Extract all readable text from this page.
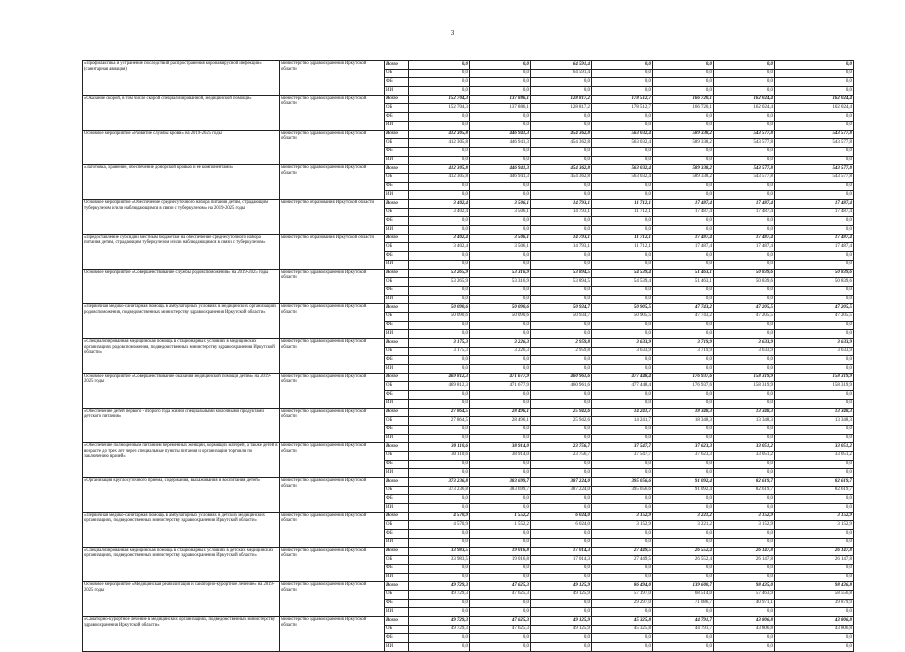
3
«Профилактика и устранение последствий распространения коронавирусной инфекции» (санитарная авиация)	министерство здравоохранения Иркутской области	Всего	0,0	0,0	64 591,4	0,0	0,0	0,0	0,0
		ОБ	0,0	0,0	64 591,4	0,0	0,0	0,0	0,0
		ФБ	0,0	0,0	0,0	0,0	0,0	0,0	0,0
		ИИ	0,0	0,0	0,0	0,0	0,0	0,0	0,0
«Оказание скорой, в том числе скорой специализированной, медицинской помощи»	министерство здравоохранения Иркутской области	Всего	152 704,3	137 886,1	128 817,2	178 512,7	166 720,1	162 024,4	162 024,4
		ОБ	152 704,3	137 886,1	128 817,2	178 512,7	166 720,1	162 024,4	162 024,4
		ФБ	0,0	0,0	0,0	0,0	0,0	0,0	0,0
		ИИ	0,0	0,0	0,0	0,0	0,0	0,0	0,0
Основное мероприятие «Развитие службы крови» на 2019-2025 годы	министерство здравоохранения Иркутской области	Всего	412 305,8	446 941,3	454 362,8	563 032,4	589 338,2	543 577,8	543 577,8
		ОБ	412 305,8	446 941,3	454 362,8	563 032,4	589 338,2	543 577,8	543 577,8
		ФБ	0,0	0,0	0,0	0,0	0,0	0,0	0,0
		ИИ	0,0	0,0	0,0	0,0	0,0	0,0	0,0
«Заготовка, хранение, обеспечение донорской кровью и ее компонентами»	министерство здравоохранения Иркутской области	Всего	412 305,8	446 941,3	454 362,8	563 032,4	589 338,2	543 577,8	543 577,8
		ОБ	412 305,8	446 941,3	454 362,8	563 032,4	589 338,2	543 577,8	543 577,8
		ФБ	0,0	0,0	0,0	0,0	0,0	0,0	0,0
		ИИ	0,0	0,0	0,0	0,0	0,0	0,0	0,0
Основное мероприятие «Обеспечение среднесуточного набора питания детям, страдающим туберкулезом и/или наблюдающимся в связи с туберкулезом» на 2019-2025 годы	министерство образования Иркутской области	Всего	3 402,4	3 506,1	14 793,1	11 712,1	17 487,4	17 487,4	17 487,4
		ОБ	3 402,4	3 506,1	14 793,1	11 712,1	17 487,4	17 487,4	17 487,4
		ФБ	0,0	0,0	0,0	0,0	0,0	0,0	0,0
		ИИ	0,0	0,0	0,0	0,0	0,0	0,0	0,0
«Предоставление субсидии местным бюджетам на обеспечение среднесуточного набора питания детям, страдающим туберкулезом и/или наблюдающимся в связи с туберкулезом»	министерство образования Иркутской области	Всего	3 402,4	3 506,1	14 793,1	11 712,1	17 487,4	17 487,4	17 487,4
		ОБ	3 402,4	3 506,1	14 793,1	11 712,1	17 487,4	17 487,4	17 487,4
		ФБ	0,0	0,0	0,0	0,0	0,0	0,0	0,0
		ИИ	0,0	0,0	0,0	0,0	0,0	0,0	0,0
Основное мероприятие «Совершенствование службы родовспоможения» на 2019-2025 годы	министерство здравоохранения Иркутской области	Всего	53 265,9	53 316,9	53 894,5	54 539,4	51 463,1	50 839,6	50 839,6
		ОБ	53 265,9	53 316,9	53 894,5	54 539,4	51 463,1	50 839,6	50 839,6
		ФБ	0,0	0,0	0,0	0,0	0,0	0,0	0,0
		ИИ	0,0	0,0	0,0	0,0	0,0	0,0	0,0
«Первичная медико-санитарная помощь в амбулаторных условиях в медицинских организациях родовспоможения, подведомственных министерству здравоохранения Иркутской области»	министерство здравоохранения Иркутской области	Всего	50 090,6	50 090,6	50 934,7	50 905,5	47 743,2	47 205,5	47 205,5
		ОБ	50 090,6	50 090,6	50 934,7	50 905,5	47 743,2	47 205,5	47 205,5
		ФБ	0,0	0,0	0,0	0,0	0,0	0,0	0,0
		ИИ	0,0	0,0	0,0	0,0	0,0	0,0	0,0
«Специализированная медицинская помощь в стационарных условиях в медицинских организациях родовспоможения, подведомственных министерству здравоохранения Иркутской области»	министерство здравоохранения Иркутской области	Всего	3 175,3	3 226,3	2 959,8	3 633,9	3 719,9	3 633,9	3 633,9
		ОБ	3 175,3	3 226,3	2 959,8	3 633,9	3 719,9	3 633,9	3 633,9
		ФБ	0,0	0,0	0,0	0,0	0,0	0,0	0,0
		ИИ	0,0	0,0	0,0	0,0	0,0	0,0	0,0
Основное мероприятие «Совершенствование оказания медицинской помощи детям» на 2019-2025 годы	министерство здравоохранения Иркутской области	Всего	469 812,3	471 677,9	460 961,6	477 448,4	176 937,6	158 319,9	158 319,9
		ОБ	469 812,3	471 677,9	460 961,6	477 448,4	176 937,6	158 319,9	158 319,9
		ФБ	0,0	0,0	0,0	0,0	0,0	0,0	0,0
		ИИ	0,0	0,0	0,0	0,0	0,0	0,0	0,0
«Обеспечение детей первого - второго года жизни специальными молочными продуктами детского питания»	министерство здравоохранения Иркутской области	Всего	27 864,5	28 496,1	25 942,6	14 241,7	18 348,3	13 348,3	13 348,3
		ОБ	27 864,5	28 496,1	25 942,6	14 241,7	18 348,3	13 348,3	13 348,3
		ФБ	0,0	0,0	0,0	0,0	0,0	0,0	0,0
		ИИ	0,0	0,0	0,0	0,0	0,0	0,0	0,0
«Обеспечение полноценным питанием беременных женщин, кормящих матерей, а также детей в возрасте до трех лет через специальные пункты питания и организации торговли по заключению врачей»	министерство здравоохранения Иркутской области	Всего	30 110,6	38 914,0	23 756,7	37 547,7	37 623,3	33 051,2	33 051,2
		ОБ	30 110,6	38 914,0	23 756,7	37 547,7	37 623,3	33 051,2	33 051,2
		ФБ	0,0	0,0	0,0	0,0	0,0	0,0	0,0
		ИИ	0,0	0,0	0,0	0,0	0,0	0,0	0,0
«Организация круглосуточного приема, содержания, выхаживания и воспитания детей»	министерство здравоохранения Иркутской области	Всего	373 236,8	383 699,7	387 224,0	395 056,6	91 092,4	82 619,7	82 619,7
		ОБ	373 236,8	383 699,7	387 224,0	395 056,6	91 092,4	82 619,7	82 619,7
		ФБ	0,0	0,0	0,0	0,0	0,0	0,0	0,0
		ИИ	0,0	0,0	0,0	0,0	0,0	0,0	0,0
«Первичная медико-санитарная помощь в амбулаторных условиях в детских медицинских организациях, подведомственных министерству здравоохранения Иркутской области»	министерство здравоохранения Иркутской области	Всего	4 570,9	1 552,2	6 024,0	3 152,9	3 221,2	3 152,9	3 152,9
		ОБ	4 570,9	1 552,2	6 024,0	3 152,9	3 221,2	3 152,9	3 152,9
		ФБ	0,0	0,0	0,0	0,0	0,0	0,0	0,0
		ИИ	0,0	0,0	0,0	0,0	0,0	0,0	0,0
«Специализированная медицинская помощь в стационарных условиях в детских медицинских организациях, подведомственных министерству здравоохранения Иркутской области»	министерство здравоохранения Иркутской области	Всего	33 983,5	19 016,8	17 014,3	27 449,5	26 552,4	26 147,8	26 147,8
		ОБ	33 983,5	19 016,8	17 014,3	27 449,5	26 552,4	26 147,8	26 147,8
		ФБ	0,0	0,0	0,0	0,0	0,0	0,0	0,0
		ИИ	0,0	0,0	0,0	0,0	0,0	0,0	0,0
Основное мероприятие «Медицинская реабилитация и санаторно-курортное лечение» на 2019-2025 годы	министерство здравоохранения Иркутской области	Всего	49 729,3	47 625,3	49 125,9	86 494,0	139 600,7	98 435,0	98 436,8
		ОБ	49 729,3	47 625,3	49 125,9	57 197,0	68 514,0	57 463,9	58 556,8
		ФБ	0,0	0,0	0,0	29 297,0	71 086,7	40 971,1	39 879,9
		ИИ	0,0	0,0	0,0	0,0	0,0	0,0	0,0
«Санаторно-курортное лечение в медицинских организациях, подведомственных министерству здравоохранения Иркутской области»	министерство здравоохранения Иркутской области	Всего	49 729,3	47 625,3	49 125,9	45 325,8	44 791,7	43 806,8	43 806,8
		ОБ	49 729,3	47 625,3	49 125,9	45 325,8	44 791,7	43 806,8	43 806,8
		ФБ	0,0	0,0	0,0	0,0	0,0	0,0	0,0
		ИИ	0,0	0,0	0,0	0,0	0,0	0,0	0,0
